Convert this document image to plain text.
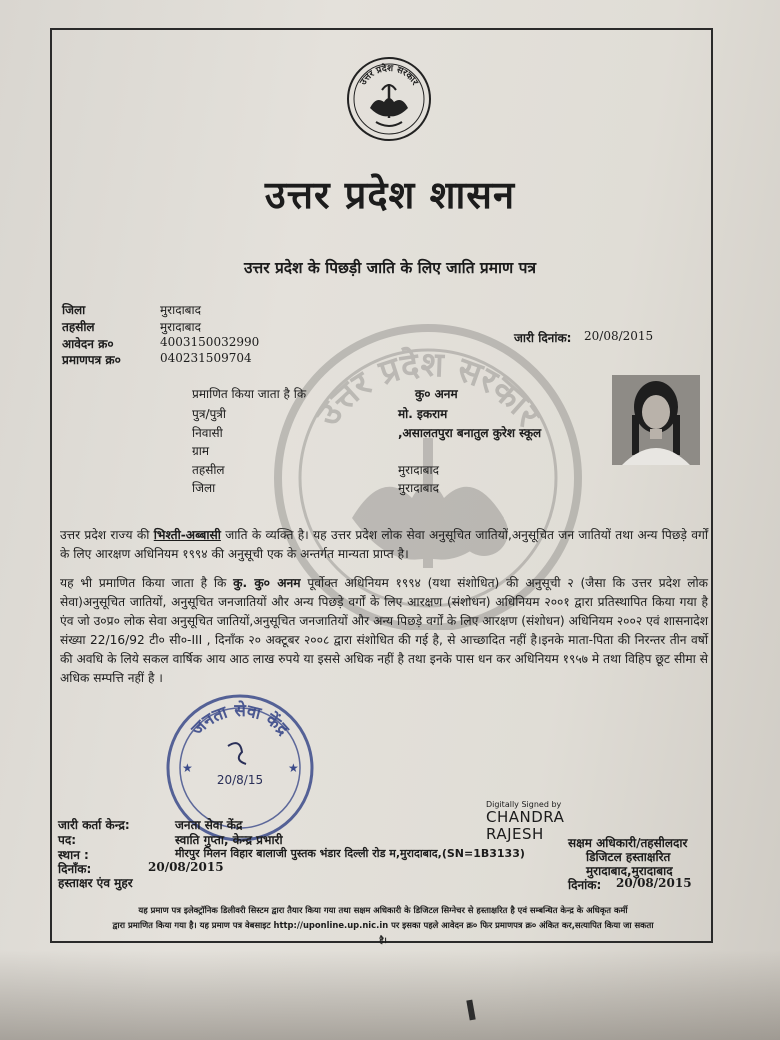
उत्तर प्रदेश सरकार
उत्तर प्रदेश सरकार
उत्तर प्रदेश शासन
उत्तर प्रदेश के पिछड़ी जाति के लिए जाति प्रमाण पत्र
जिला	मुरादाबाद
तहसील	मुरादाबाद
आवेदन क्र०	4003150032990
प्रमाणपत्र क्र०	040231509704
जारी दिनांक: 20/08/2015
प्रमाणित किया जाता है कि	कु० अनम
पुत्र/पुत्री	मो. इकराम
निवासी	,असालतपुरा बनातुल कुरेश स्कूल
ग्राम
तहसील	मुरादाबाद
जिला	मुरादाबाद
उत्तर प्रदेश राज्य की भिश्ती-अब्बासी जाति के व्यक्ति है। यह उत्तर प्रदेश लोक सेवा अनुसूचित जातियों,अनुसूचित जन जातियों तथा अन्य पिछड़े वर्गों के लिए आरक्षण अधिनियम १९९४ की अनुसूची एक के अन्तर्गत मान्यता प्राप्त है।
यह भी प्रमाणित किया जाता है कि कु. कु० अनम पूर्वोक्त अधिनियम १९९४ (यथा संशोधित) की अनुसूची २ (जैसा कि उत्तर प्रदेश लोक सेवा)अनुसूचित जातियों, अनुसूचित जनजातियों और अन्य पिछड़े वर्गों के लिए आरक्षण (संशोधन) अधिनियम २००१ द्वारा प्रतिस्थापित किया गया है एंव जो उ०प्र० लोक सेवा अनुसूचित जातियों,अनुसूचित जनजातियों और अन्य पिछड़े वर्गों के लिए आरक्षण (संशोधन) अधिनियम २००२ एवं शासनादेश संख्या 22/16/92 टी० सी०-III , दिनाँक २० अक्टूबर २००८ द्वारा संशोधित की गई है, से आच्छादित नहीं है।इनके माता-पिता की निरन्तर तीन वर्षो की अवधि के लिये सकल वार्षिक आय आठ लाख रुपये या इससे अधिक नहीं है तथा इनके पास धन कर अधिनियम १९५७ मे तथा विहिप छूट सीमा से अधिक सम्पत्ति नहीं है ।
जनता सेवा केंद्र
★	★
20/8/15
जारी कर्ता केन्द्र:	जनता सेवा केंद्र
पद:	स्वाति गुप्ता, केन्द्र प्रभारी
स्थान :	मीरपुर मिलन विहार बालाजी पुस्तक भंडार दिल्ली रोड म,मुरादाबाद,(SN=1B3133)
दिनाँक:	20/08/2015
हस्ताक्षर एंव मुहर
Digitally Signed by
CHANDRA
RAJESH	सक्षम अधिकारी/तहसीलदार
डिजिटल हस्ताक्षरित
मुरादाबाद,मुरादाबाद
दिनांक: 20/08/2015
यह प्रमाण पत्र इलेक्ट्रॉनिक डिलीवरी सिस्टम द्वारा तैयार किया गया तथा सक्षम अधिकारी के डिजिटल सिग्नेचर से हस्ताक्षरित है एवं सम्बन्धित केन्द्र के अधिकृत कर्मी
द्वारा प्रमाणित किया गया है। यह प्रमाण पत्र वेबसाइट http://uponline.up.nic.in पर इसका पहले आवेदन क्र० फिर प्रमाणपत्र क्र० अंकित कर,सत्यापित किया जा सकता
है।
